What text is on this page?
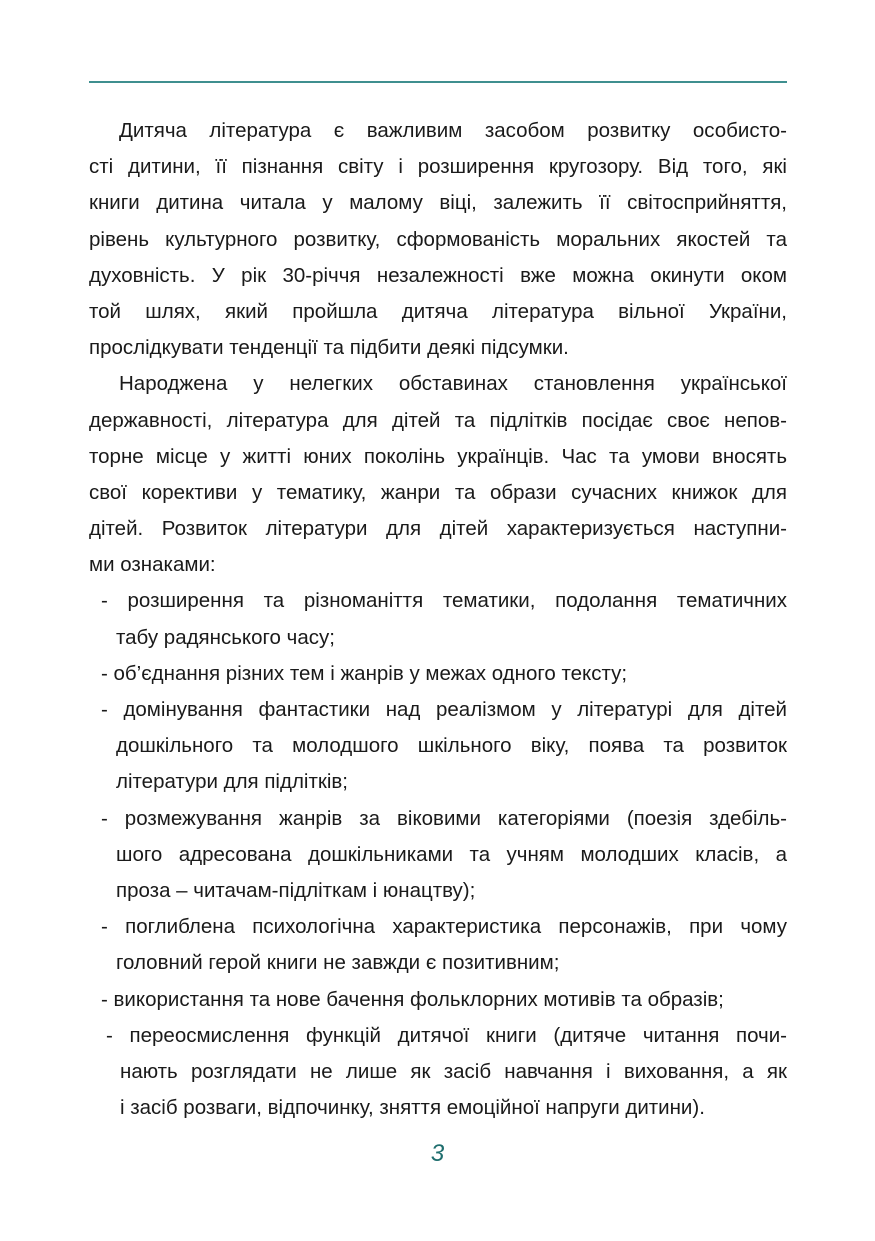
Дитяча література є важливим засобом розвитку особисто-
сті дитини, її пізнання світу і розширення кругозору. Від того, які
книги дитина читала у малому віці, залежить її світосприйняття,
рівень культурного розвитку, сформованість моральних якостей та
духовність. У рік 30-річчя незалежності вже можна окинути оком
той шлях, який пройшла дитяча література вільної України,
прослідкувати тенденції та підбити деякі підсумки.
Народжена у нелегких обставинах становлення української
державності, література для дітей та підлітків посідає своє непов-
торне місце у житті юних поколінь українців. Час та умови вносять
свої корективи у тематику, жанри та образи сучасних книжок для
дітей. Розвиток літератури для дітей характеризується наступни-
ми ознаками:
- розширення та різноманіття тематики, подолання тематичних
табу радянського часу;
- об’єднання різних тем і жанрів у межах одного тексту;
- домінування фантастики над реалізмом у літературі для дітей
дошкільного та молодшого шкільного віку, поява та розвиток
літератури для підлітків;
- розмежування жанрів за віковими категоріями (поезія здебіль-
шого адресована дошкільниками та учням молодших класів, а
проза – читачам-підліткам і юнацтву);
- поглиблена психологічна характеристика персонажів, при чому
головний герой книги не завжди є позитивним;
- використання та нове бачення фольклорних мотивів та образів;
- переосмислення функцій дитячої книги (дитяче читання почи-
нають розглядати не лише як засіб навчання і виховання, а як
і засіб розваги, відпочинку, зняття емоційної напруги дитини).
3
